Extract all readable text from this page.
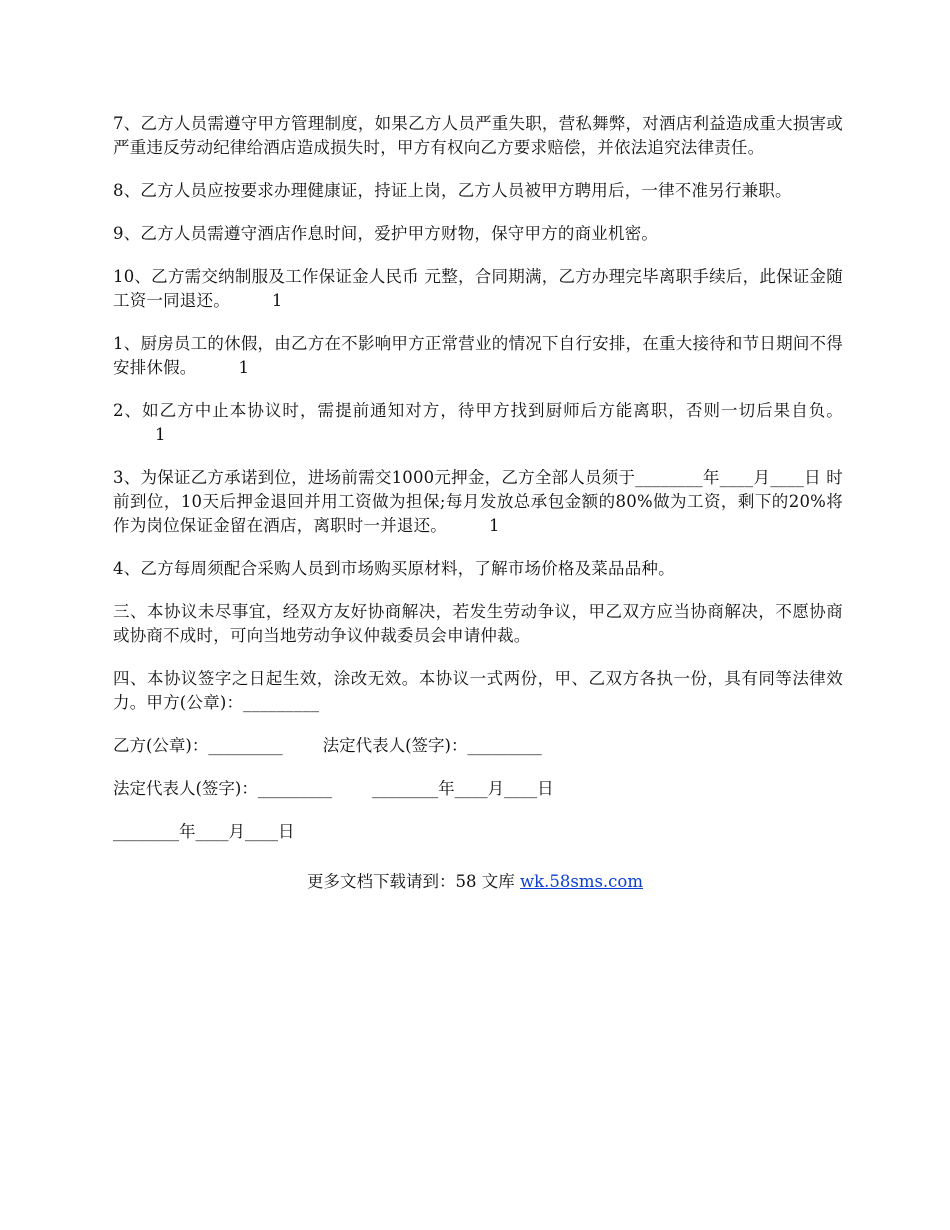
7、乙方人员需遵守甲方管理制度，如果乙方人员严重失职，营私舞弊，对酒店利益造成重大损害或严重违反劳动纪律给酒店造成损失时，甲方有权向乙方要求赔偿，并依法追究法律责任。

8、乙方人员应按要求办理健康证，持证上岗，乙方人员被甲方聘用后，一律不准另行兼职。

9、乙方人员需遵守酒店作息时间，爱护甲方财物，保守甲方的商业机密。

10、乙方需交纳制服及工作保证金人民币 元整，合同期满，乙方办理完毕离职手续后，此保证金随工资一同退还。	1

1、厨房员工的休假，由乙方在不影响甲方正常营业的情况下自行安排，在重大接待和节日期间不得安排休假。	1

2、如乙方中止本协议时，需提前通知对方，待甲方找到厨师后方能离职，否则一切后果自负。1

3、为保证乙方承诺到位，进场前需交1000元押金，乙方全部人员须于________年____月____日 时前到位，10天后押金退回并用工资做为担保;每月发放总承包金额的80%做为工资，剩下的20%将作为岗位保证金留在酒店，离职时一并退还。	1

4、乙方每周须配合采购人员到市场购买原材料，了解市场价格及菜品品种。

三、本协议未尽事宜，经双方友好协商解决，若发生劳动争议，甲乙双方应当协商解决，不愿协商或协商不成时，可向当地劳动争议仲裁委员会申请仲裁。

四、本协议签字之日起生效，涂改无效。本协议一式两份，甲、乙双方各执一份，具有同等法律效力。甲方(公章)：_________

乙方(公章)：_________ 法定代表人(签字)：_________
法定代表人(签字)：_________ ________年____月____日
________年____月____日
更多文档下载请到：58 文库 wk.58sms.com
